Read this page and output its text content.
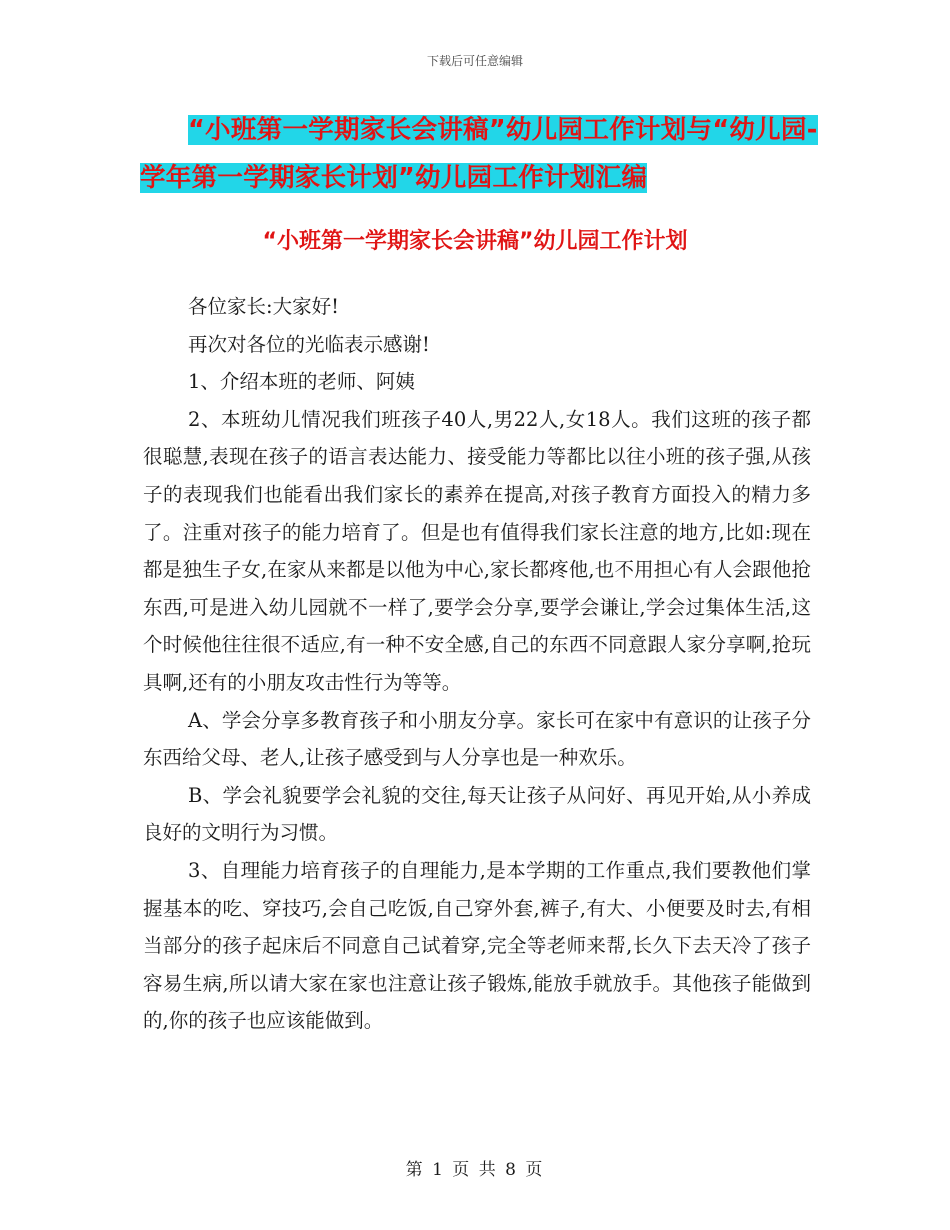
下载后可任意编辑
“小班第一学期家长会讲稿”幼儿园工作计划与“幼儿园-学年第一学期家长计划”幼儿园工作计划汇编
“小班第一学期家长会讲稿”幼儿园工作计划

各位家长:大家好!

再次对各位的光临表示感谢!

1、介绍本班的老师、阿姨

2、本班幼儿情况我们班孩子40人,男22人,女18人。我们这班的孩子都很聪慧,表现在孩子的语言表达能力、接受能力等都比以往小班的孩子强,从孩子的表现我们也能看出我们家长的素养在提高,对孩子教育方面投入的精力多了。注重对孩子的能力培育了。但是也有值得我们家长注意的地方,比如:现在都是独生子女,在家从来都是以他为中心,家长都疼他,也不用担心有人会跟他抢东西,可是进入幼儿园就不一样了,要学会分享,要学会谦让,学会过集体生活,这个时候他往往很不适应,有一种不安全感,自己的东西不同意跟人家分享啊,抢玩具啊,还有的小朋友攻击性行为等等。

A、学会分享多教育孩子和小朋友分享。家长可在家中有意识的让孩子分东西给父母、老人,让孩子感受到与人分享也是一种欢乐。

B、学会礼貌要学会礼貌的交往,每天让孩子从问好、再见开始,从小养成良好的文明行为习惯。

3、自理能力培育孩子的自理能力,是本学期的工作重点,我们要教他们掌握基本的吃、穿技巧,会自己吃饭,自己穿外套,裤子,有大、小便要及时去,有相当部分的孩子起床后不同意自己试着穿,完全等老师来帮,长久下去天冷了孩子容易生病,所以请大家在家也注意让孩子锻炼,能放手就放手。其他孩子能做到的,你的孩子也应该能做到。

第 1 页 共 8 页
